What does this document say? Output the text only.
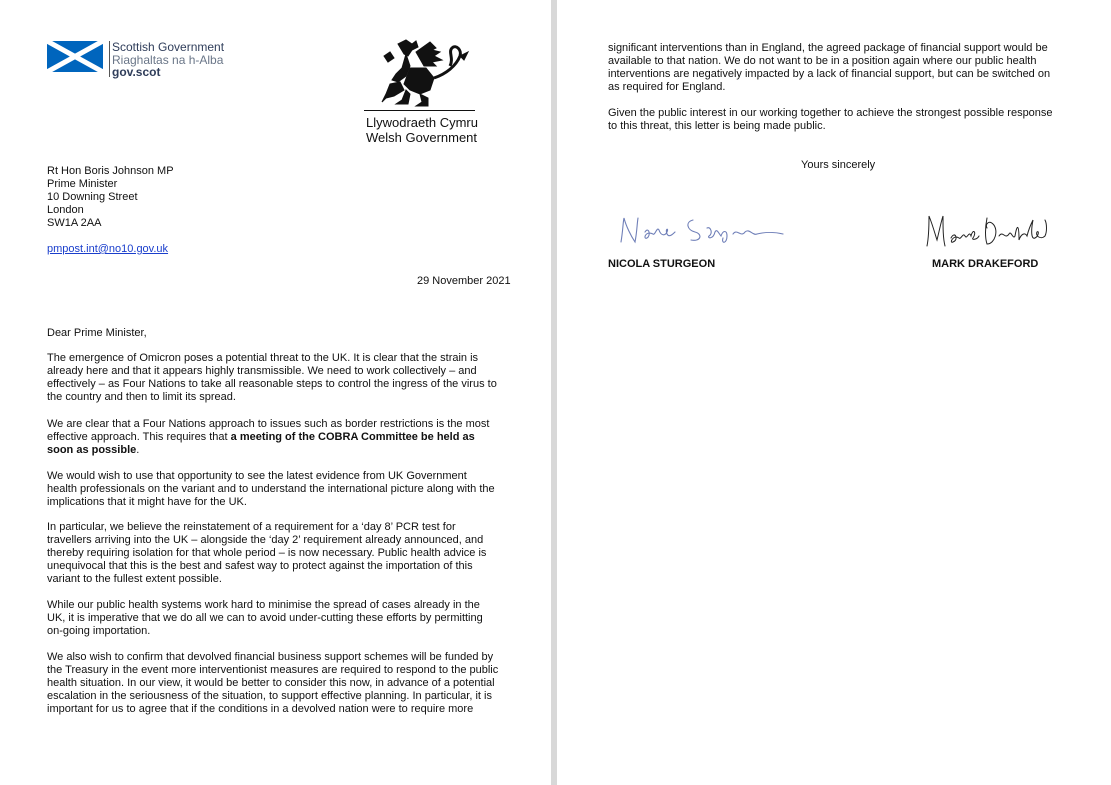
Scottish Government
Riaghaltas na h-Alba
gov.scot
Llywodraeth Cymru
Welsh Government
Rt Hon Boris Johnson MP
Prime Minister
10 Downing Street
London
SW1A 2AA
pmpost.int@no10.gov.uk
29 November 2021
Dear Prime Minister,
The emergence of Omicron poses a potential threat to the UK. It is clear that the strain is
already here and that it appears highly transmissible. We need to work collectively – and
effectively – as Four Nations to take all reasonable steps to control the ingress of the virus to
the country and then to limit its spread.
We are clear that a Four Nations approach to issues such as border restrictions is the most
effective approach. This requires that a meeting of the COBRA Committee be held as
soon as possible.
We would wish to use that opportunity to see the latest evidence from UK Government
health professionals on the variant and to understand the international picture along with the
implications that it might have for the UK.
In particular, we believe the reinstatement of a requirement for a ‘day 8’ PCR test for
travellers arriving into the UK – alongside the ‘day 2’ requirement already announced, and
thereby requiring isolation for that whole period – is now necessary. Public health advice is
unequivocal that this is the best and safest way to protect against the importation of this
variant to the fullest extent possible.
While our public health systems work hard to minimise the spread of cases already in the
UK, it is imperative that we do all we can to avoid under-cutting these efforts by permitting
on-going importation.
We also wish to confirm that devolved financial business support schemes will be funded by
the Treasury in the event more interventionist measures are required to respond to the public
health situation. In our view, it would be better to consider this now, in advance of a potential
escalation in the seriousness of the situation, to support effective planning. In particular, it is
important for us to agree that if the conditions in a devolved nation were to require more
significant interventions than in England, the agreed package of financial support would be
available to that nation. We do not want to be in a position again where our public health
interventions are negatively impacted by a lack of financial support, but can be switched on
as required for England.
Given the public interest in our working together to achieve the strongest possible response
to this threat, this letter is being made public.
Yours sincerely
NICOLA STURGEON	MARK DRAKEFORD
